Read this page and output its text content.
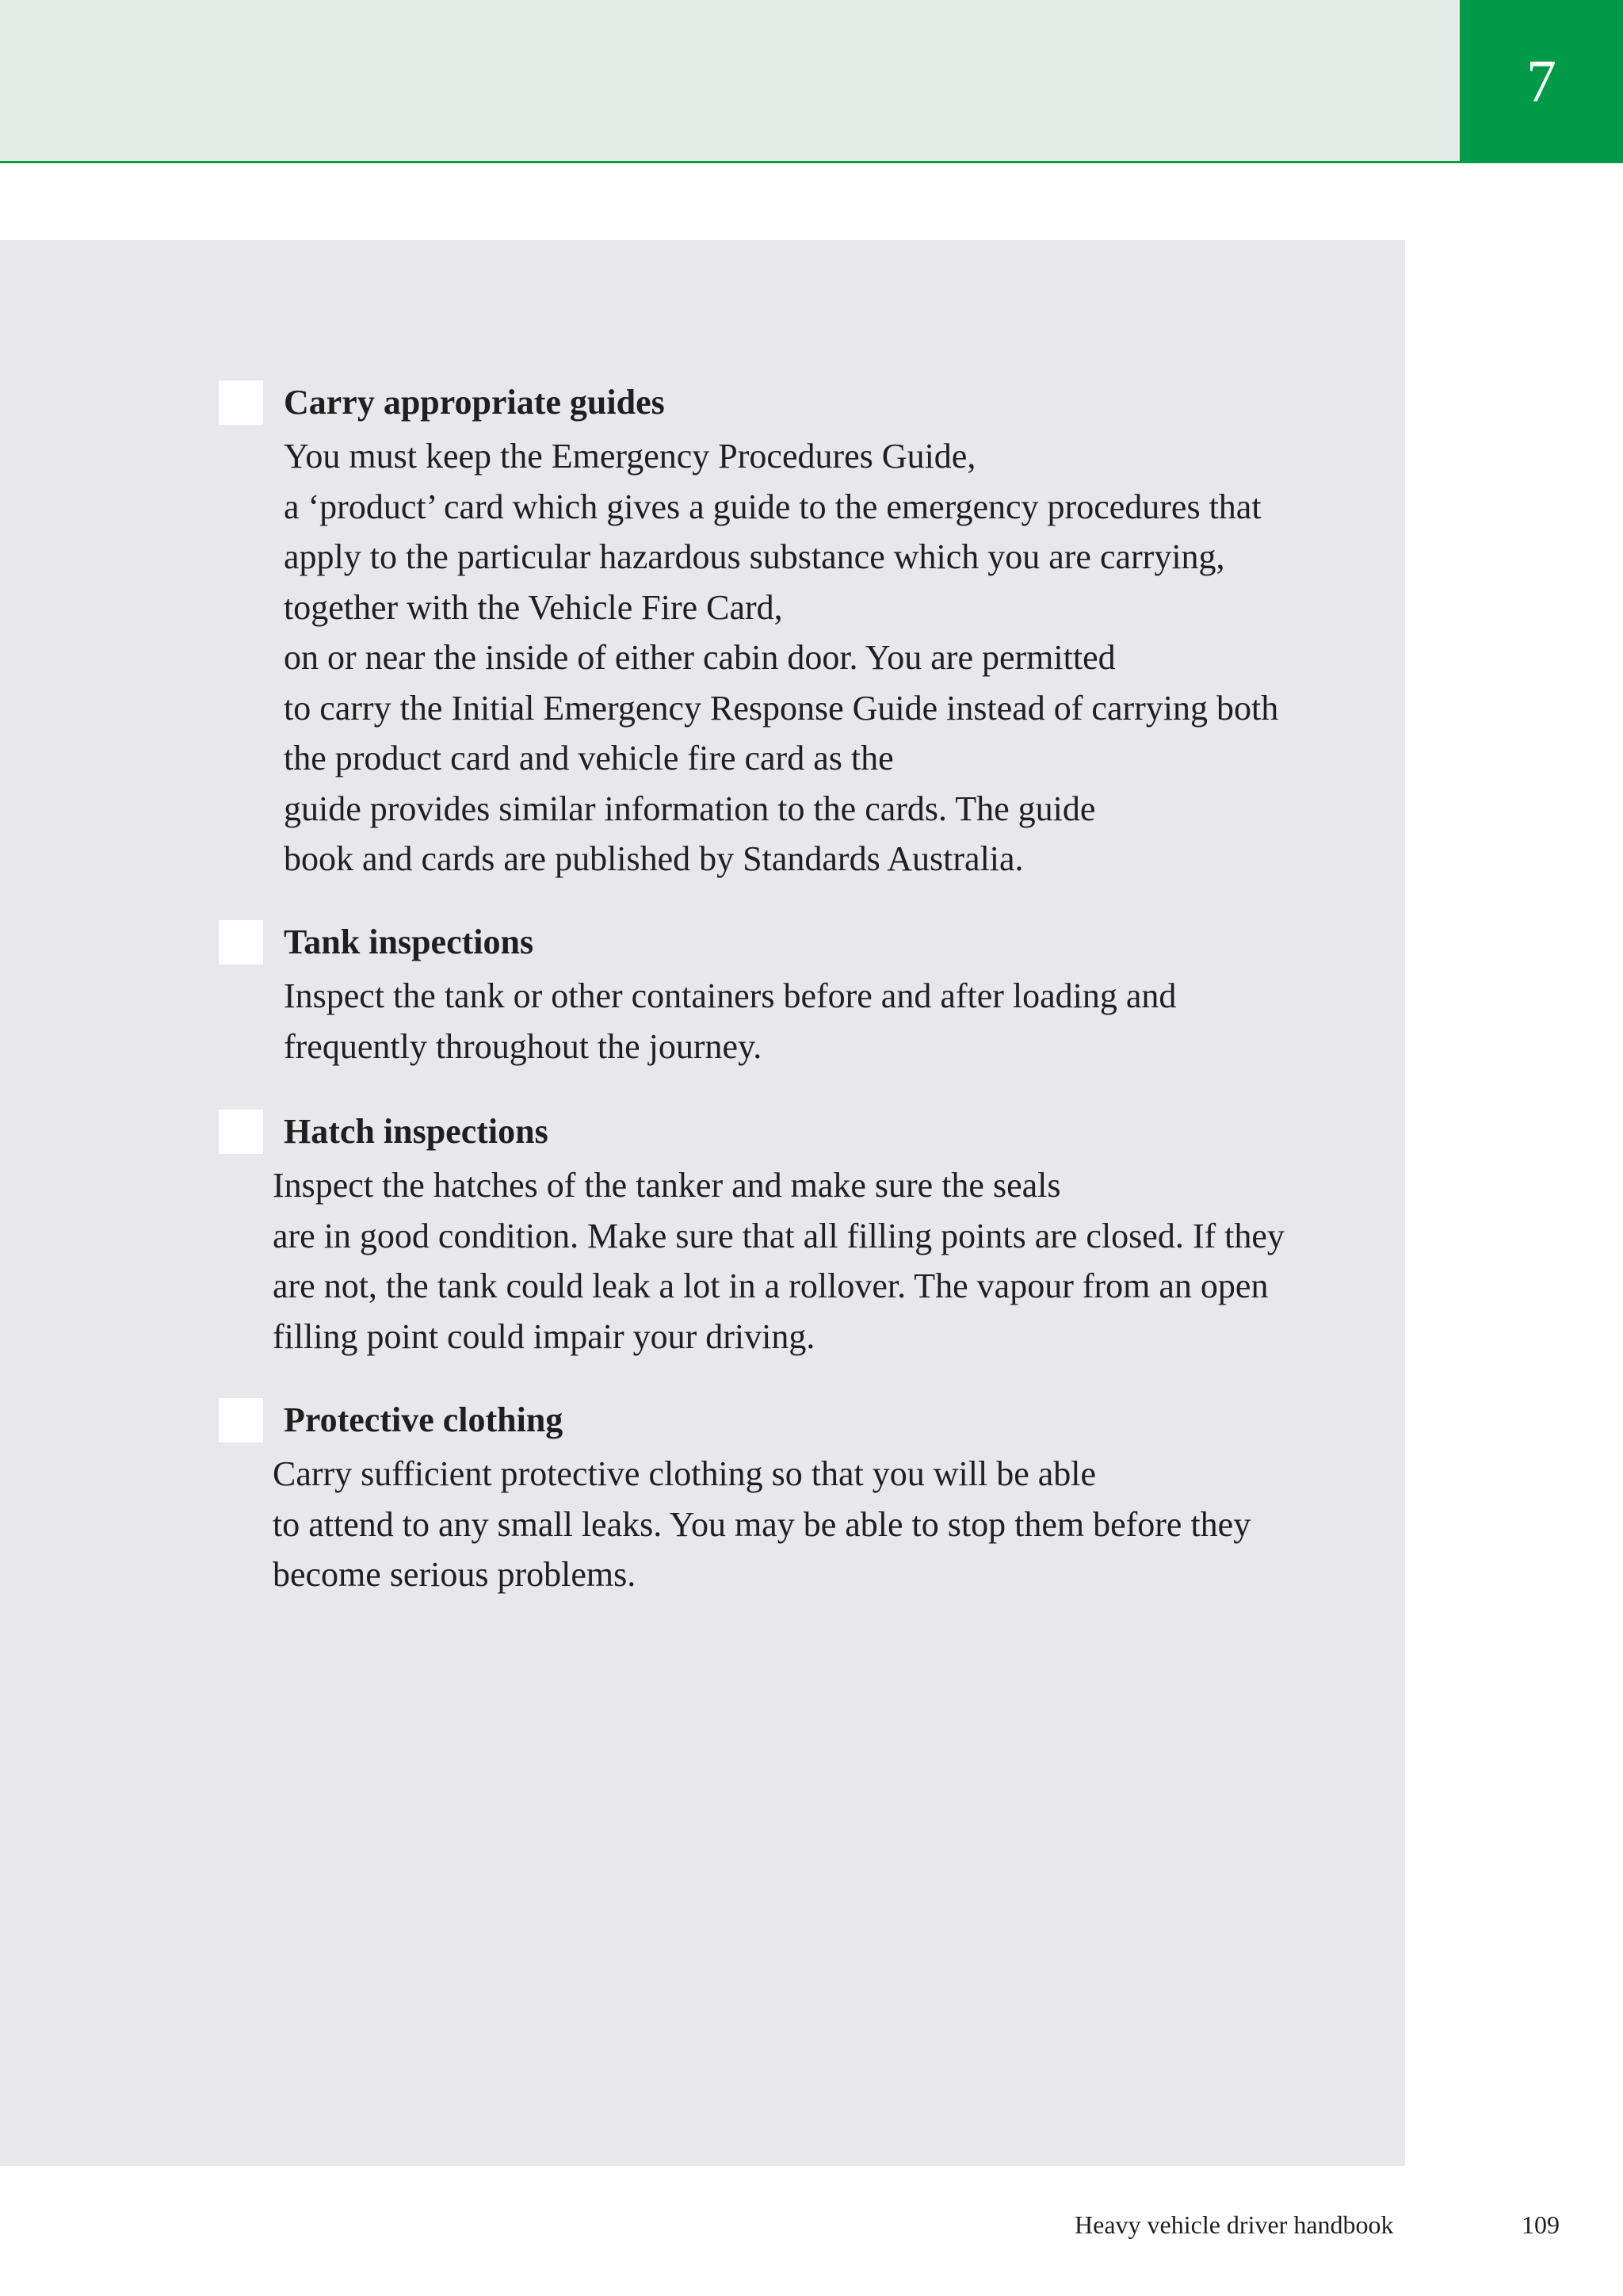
7
Carry appropriate guides
You must keep the Emergency Procedures Guide,
a ‘product’ card which gives a guide to the emergency procedures that
apply to the particular hazardous substance which you are carrying,
together with the Vehicle Fire Card,
on or near the inside of either cabin door. You are permitted
to carry the Initial Emergency Response Guide instead of carrying both
the product card and vehicle fire card as the
guide provides similar information to the cards. The guide
book and cards are published by Standards Australia.
Tank inspections
Inspect the tank or other containers before and after loading and
frequently throughout the journey.
Hatch inspections
Inspect the hatches of the tanker and make sure the seals
are in good condition. Make sure that all filling points are closed. If they
are not, the tank could leak a lot in a rollover. The vapour from an open
filling point could impair your driving.
Protective clothing
Carry sufficient protective clothing so that you will be able
to attend to any small leaks. You may be able to stop them before they
become serious problems.
Heavy vehicle driver handbook	109
